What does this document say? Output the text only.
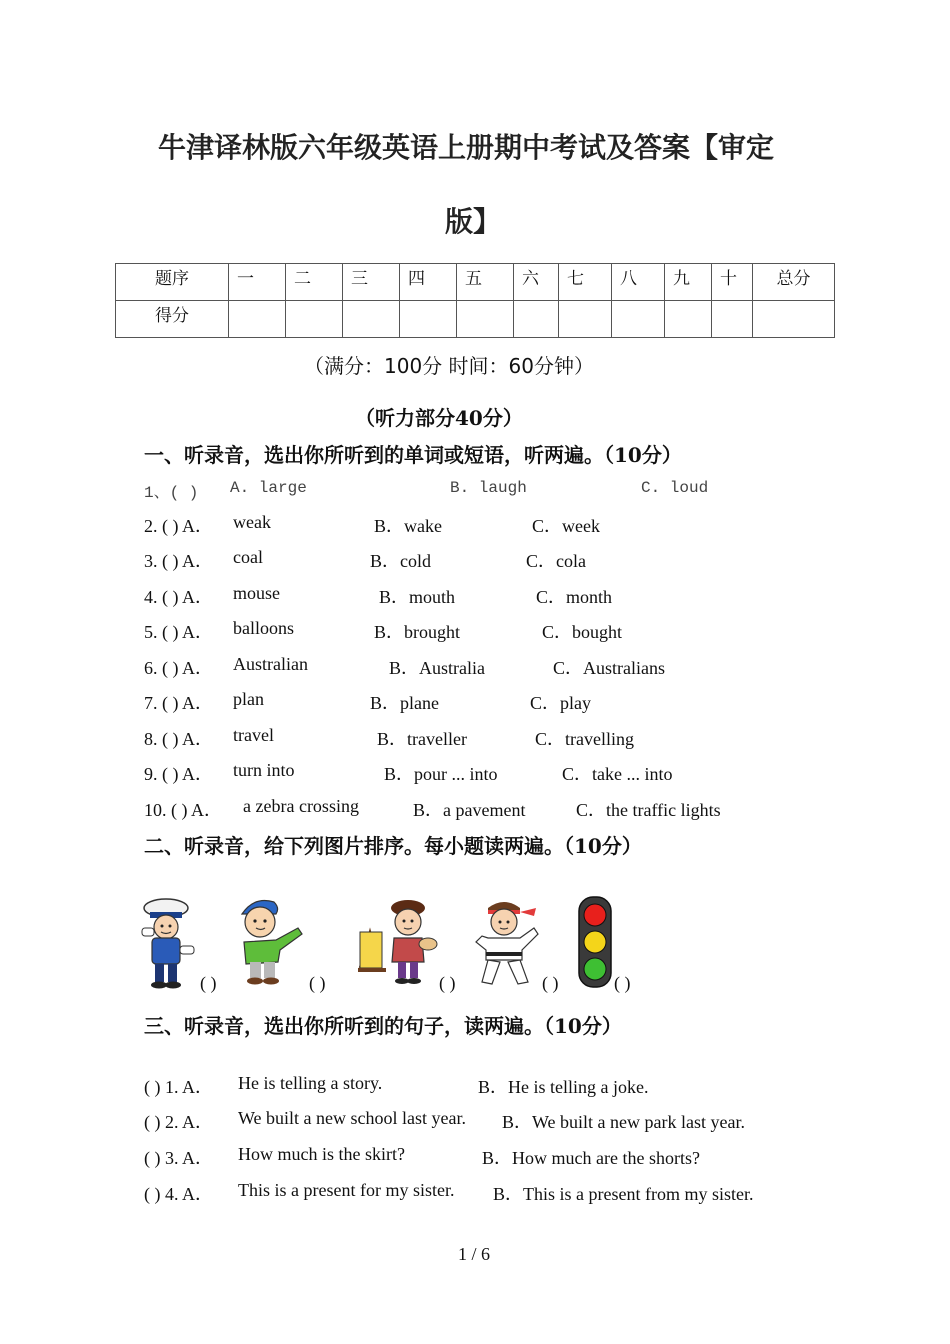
牛津译林版六年级英语上册期中考试及答案【审定
版】
题序	一	二	三	四	五	六	七	八	九	十	总分
得分											
（满分：100分 时间：60分钟）
（听力部分40分）
一、听录音，选出你所听到的单词或短语，听两遍。（10分）
1、( ) A. large	B. laugh	C. loud
2. ( ) A． weak	B．wake	C．week
3. ( ) A． coal	B．cold	C．cola
4. ( ) A． mouse	B．mouth	C．month
5. ( ) A． balloons	B．brought	C．bought
6. ( ) A． Australian	B．Australia	C．Australians
7. ( ) A． plan	B．plane	C．play
8. ( ) A． travel	B．traveller	C．travelling
9. ( ) A． turn into	B．pour ... into	C．take ... into
10. ( ) A． a zebra crossing	B．a pavement	C．the traffic lights
二、听录音，给下列图片排序。每小题读两遍。（10分）
( )	( )	( )	( )	( )
三、听录音，选出你所听到的句子，读两遍。（10分）
( ) 1. A． He is telling a story.	B．He is telling a joke.
( ) 2. A． We built a new school last year. B．We built a new park last year.
( ) 3. A． How much is the skirt?	B．How much are the shorts?
( ) 4. A． This is a present for my sister. B．This is a present from my sister.
1 / 6
